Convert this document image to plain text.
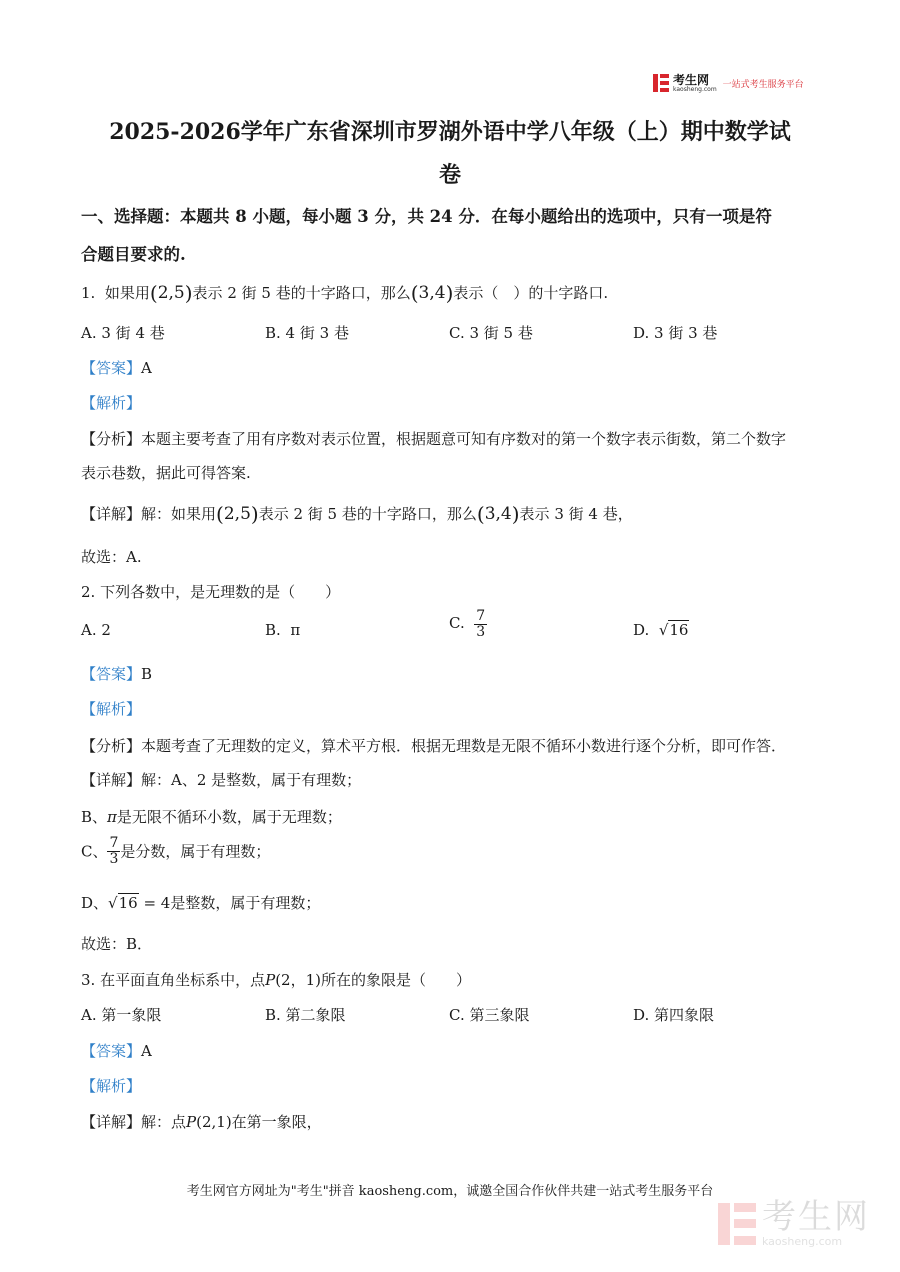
考生网
kaosheng.com 一站式考生服务平台
2025-2026学年广东省深圳市罗湖外语中学八年级（上）期中数学试
卷
一、选择题：本题共 8 小题，每小题 3 分，共 24 分．在每小题给出的选项中，只有一项是符
合题目要求的.
1. 如果用(2,5)表示 2 街 5 巷的十字路口，那么(3,4)表示（　）的十字路口.
A. 3 街 4 巷	B. 4 街 3 巷	C. 3 街 5 巷	D. 3 街 3 巷
【答案】A
【解析】
【分析】本题主要考查了用有序数对表示位置，根据题意可知有序数对的第一个数字表示街数，第二个数字
表示巷数，据此可得答案.
【详解】解：如果用(2,5)表示 2 街 5 巷的十字路口，那么(3,4)表示 3 街 4 巷，
故选：A.
2. 下列各数中，是无理数的是（　　）
A. 2	B. π	C. $\frac{7}{3}$	D. √16
【答案】B
【解析】
【分析】本题考查了无理数的定义，算术平方根．根据无理数是无限不循环小数进行逐个分析，即可作答．
【详解】解：A、2 是整数，属于有理数；
B、π是无限不循环小数，属于无理数；
C、 $\frac{7}{3}$ 是分数，属于有理数；
D、√16 = 4是整数，属于有理数；
故选：B．
3. 在平面直角坐标系中，点P(2，1)所在的象限是（　　）
A. 第一象限	B. 第二象限	C. 第三象限	D. 第四象限
【答案】A
【解析】
【详解】解：点P(2,1)在第一象限，
考生网官方网址为"考生"拼音 kaosheng.com，诚邀全国合作伙伴共建一站式考生服务平台
考生网
kaosheng.com
